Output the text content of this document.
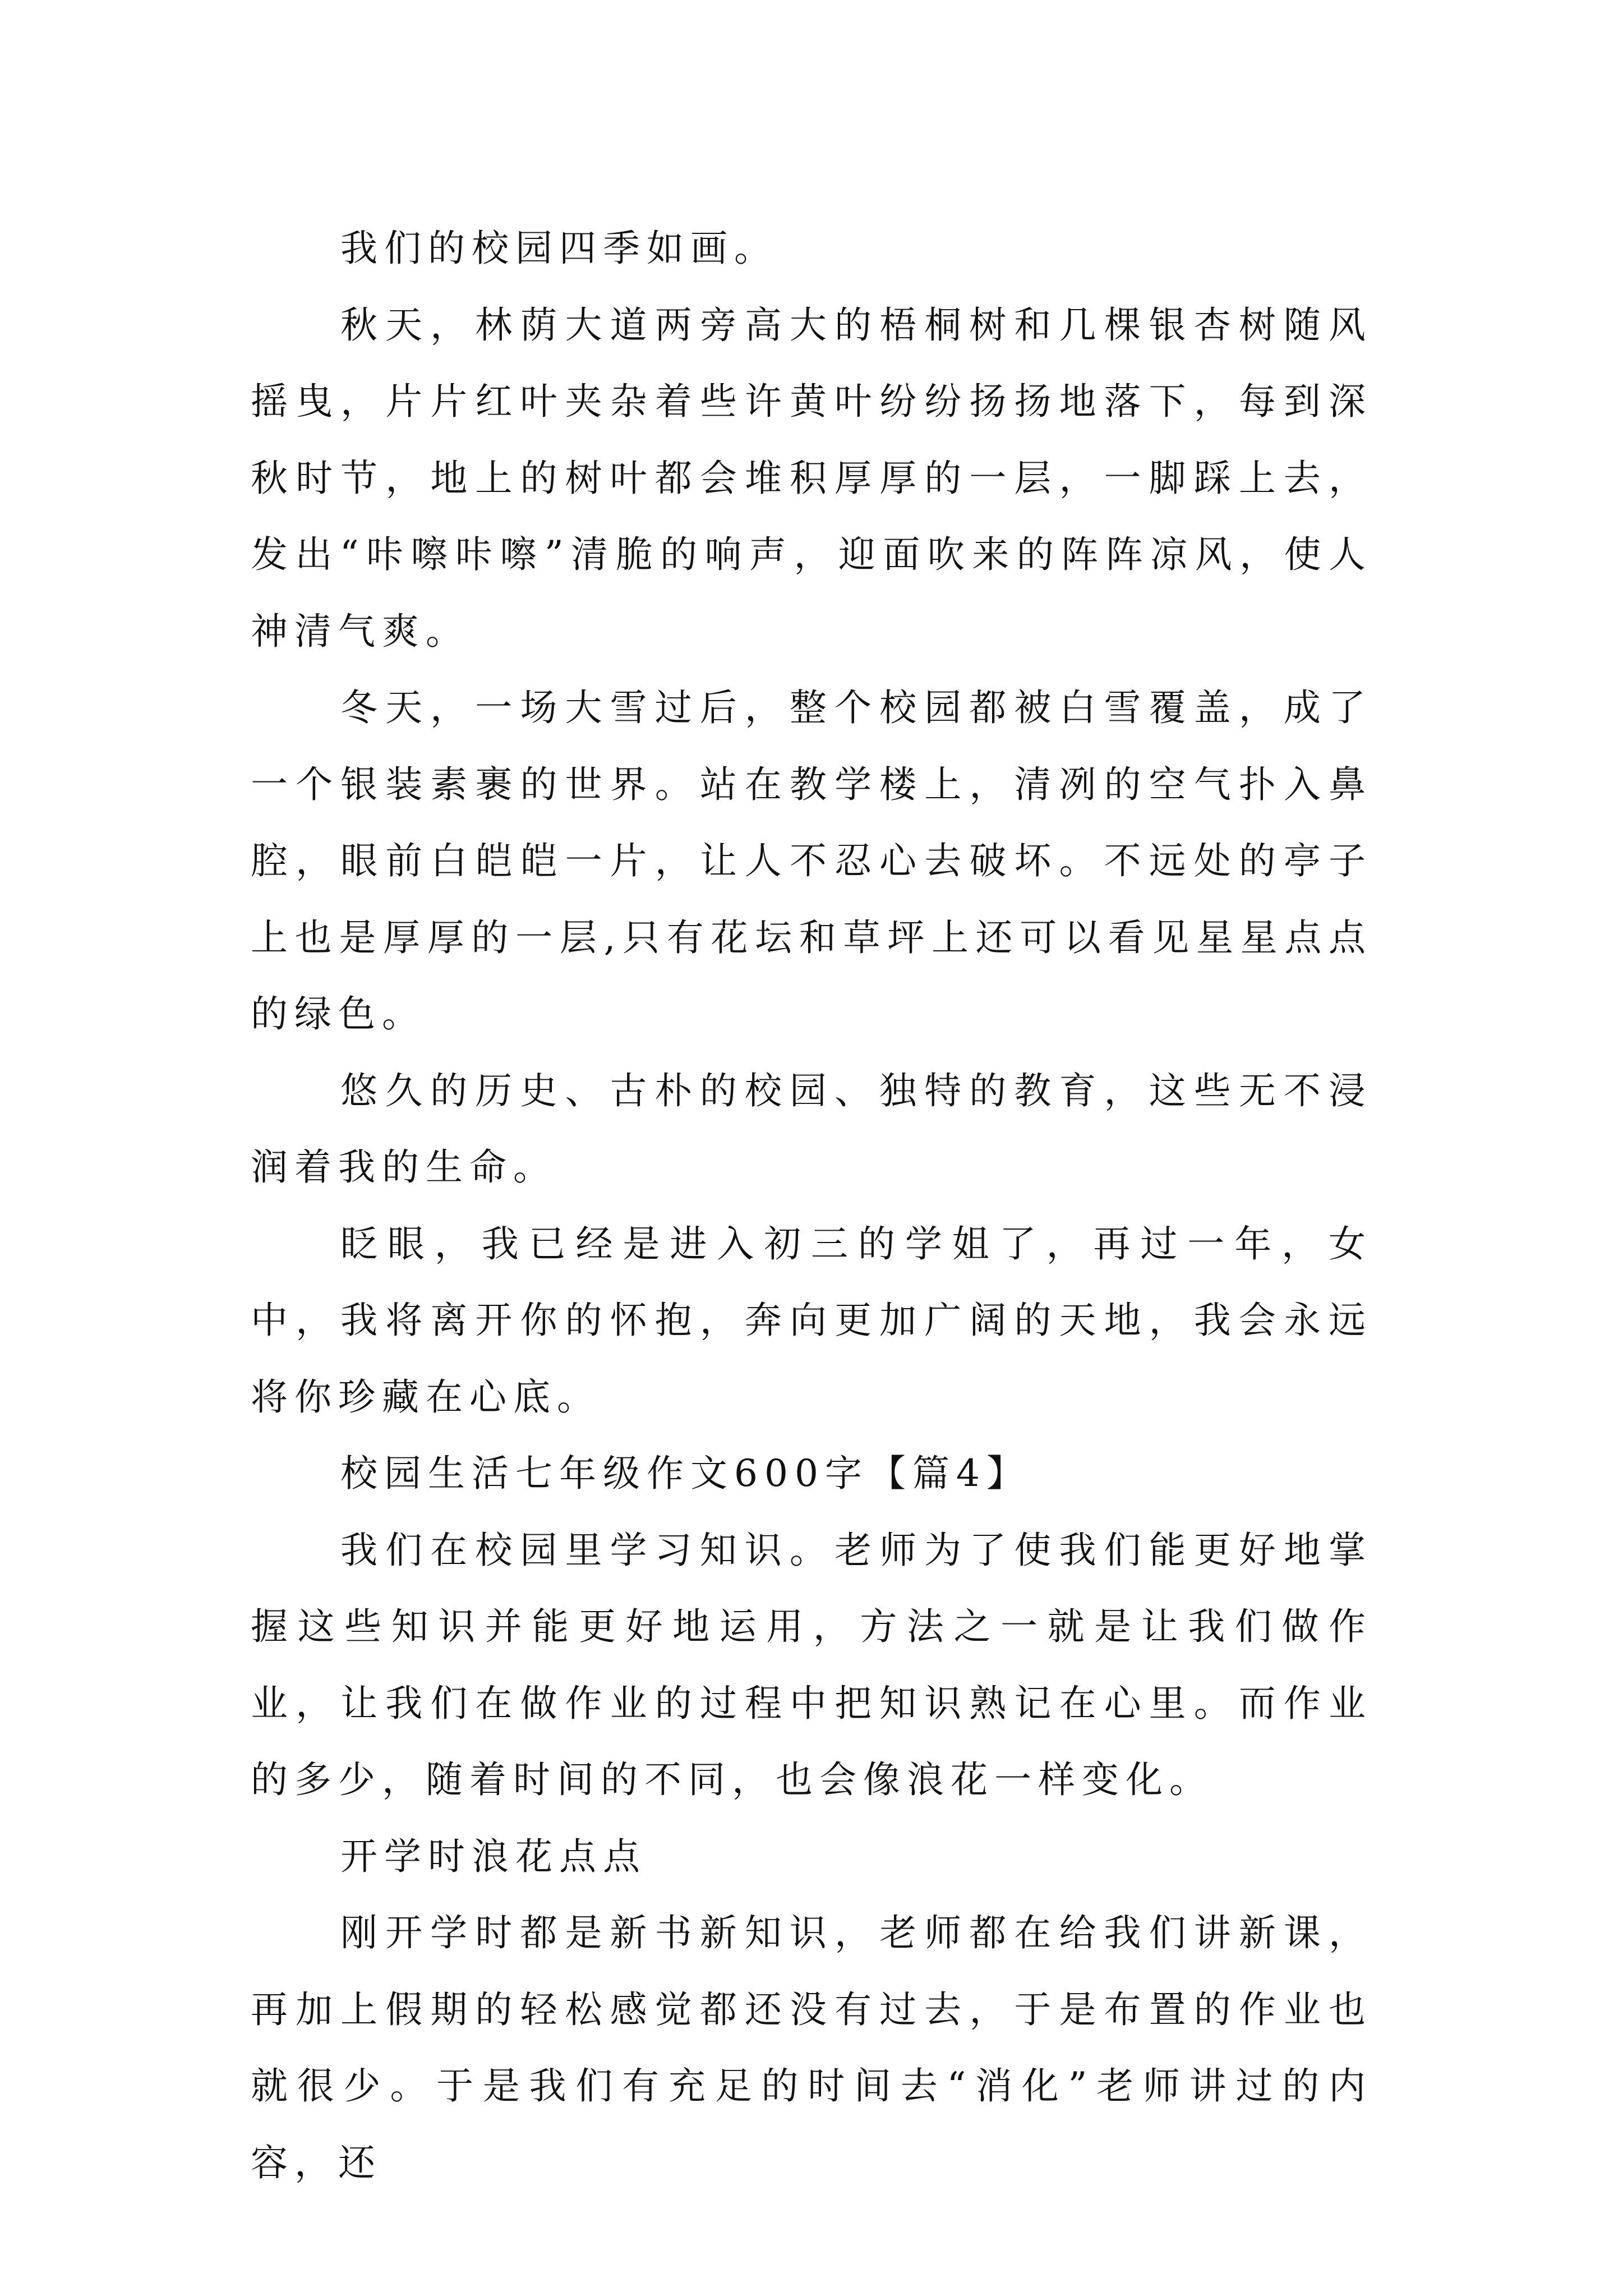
我们的校园四季如画。

秋天，林荫大道两旁高大的梧桐树和几棵银杏树随风摇曳，片片红叶夹杂着些许黄叶纷纷扬扬地落下，每到深秋时节，地上的树叶都会堆积厚厚的一层，一脚踩上去，发出“咔嚓咔嚓”清脆的响声，迎面吹来的阵阵凉风，使人神清气爽。

冬天，一场大雪过后，整个校园都被白雪覆盖，成了一个银装素裹的世界。站在教学楼上，清冽的空气扑入鼻腔，眼前白皑皑一片，让人不忍心去破坏。不远处的亭子上也是厚厚的一层,只有花坛和草坪上还可以看见星星点点的绿色。

悠久的历史、古朴的校园、独特的教育，这些无不浸润着我的生命。

眨眼，我已经是进入初三的学姐了，再过一年，女中，我将离开你的怀抱，奔向更加广阔的天地，我会永远将你珍藏在心底。

校园生活七年级作文600字【篇4】

我们在校园里学习知识。老师为了使我们能更好地掌握这些知识并能更好地运用，方法之一就是让我们做作业，让我们在做作业的过程中把知识熟记在心里。而作业的多少，随着时间的不同，也会像浪花一样变化。

开学时浪花点点

刚开学时都是新书新知识，老师都在给我们讲新课，再加上假期的轻松感觉都还没有过去，于是布置的作业也就很少。于是我们有充足的时间去“消化”老师讲过的内容，还
